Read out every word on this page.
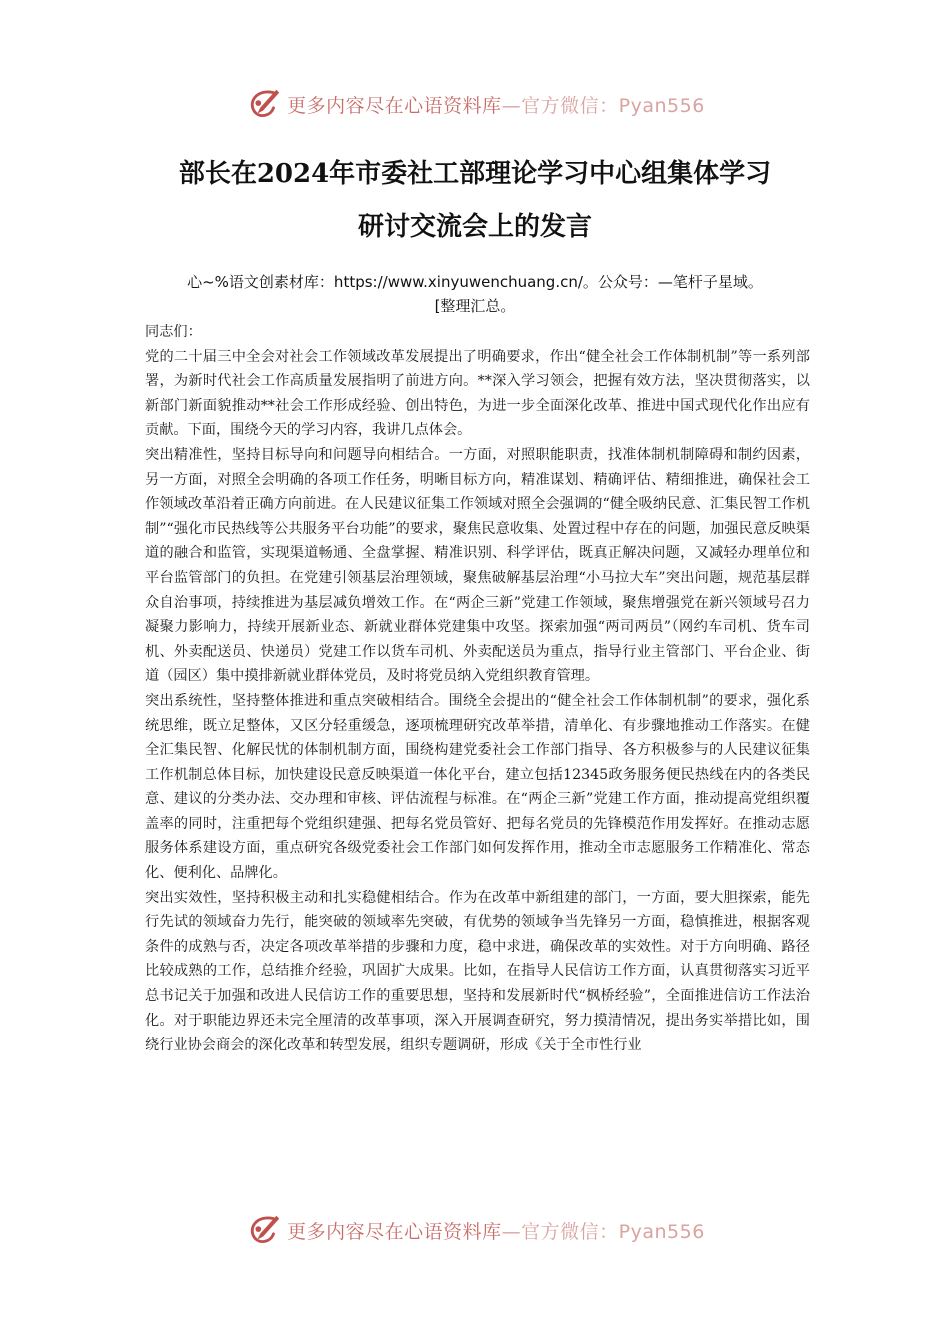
更多内容尽在心语资料库—官方微信：Pyan556
部长在2024年市委社工部理论学习中心组集体学习
研讨交流会上的发言
心~%语文创素材库：https://www.xinyuwenchuang.cn/。公众号：—笔杆子星域。
[整理汇总。

同志们：

党的二十届三中全会对社会工作领域改革发展提出了明确要求，作出“健全社会工作体制机制”等一系列部署，为新时代社会工作高质量发展指明了前进方向。**深入学习领会，把握有效方法，坚决贯彻落实，以新部门新面貌推动**社会工作形成经验、创出特色，为进一步全面深化改革、推进中国式现代化作出应有贡献。下面，围绕今天的学习内容，我讲几点体会。

突出精准性，坚持目标导向和问题导向相结合。一方面，对照职能职责，找准体制机制障碍和制约因素，另一方面，对照全会明确的各项工作任务，明晰目标方向，精准谋划、精确评估、精细推进，确保社会工作领域改革沿着正确方向前进。在人民建议征集工作领域对照全会强调的“健全吸纳民意、汇集民智工作机制”“强化市民热线等公共服务平台功能”的要求，聚焦民意收集、处置过程中存在的问题，加强民意反映渠道的融合和监管，实现渠道畅通、全盘掌握、精准识别、科学评估，既真正解决问题，又减轻办理单位和平台监管部门的负担。在党建引领基层治理领域，聚焦破解基层治理“小马拉大车”突出问题，规范基层群众自治事项，持续推进为基层减负增效工作。在“两企三新”党建工作领域，聚焦增强党在新兴领域号召力凝聚力影响力，持续开展新业态、新就业群体党建集中攻坚。探索加强“两司两员”（网约车司机、货车司机、外卖配送员、快递员）党建工作以货车司机、外卖配送员为重点，指导行业主管部门、平台企业、街道（园区）集中摸排新就业群体党员，及时将党员纳入党组织教育管理。

突出系统性，坚持整体推进和重点突破相结合。围绕全会提出的“健全社会工作体制机制”的要求，强化系统思维，既立足整体，又区分轻重缓急，逐项梳理研究改革举措，清单化、有步骤地推动工作落实。在健全汇集民智、化解民忧的体制机制方面，围绕构建党委社会工作部门指导、各方积极参与的人民建议征集工作机制总体目标，加快建设民意反映渠道一体化平台，建立包括12345政务服务便民热线在内的各类民意、建议的分类办法、交办理和审核、评估流程与标准。在“两企三新”党建工作方面，推动提高党组织覆盖率的同时，注重把每个党组织建强、把每名党员管好、把每名党员的先锋模范作用发挥好。在推动志愿服务体系建设方面，重点研究各级党委社会工作部门如何发挥作用，推动全市志愿服务工作精准化、常态化、便利化、品牌化。

突出实效性，坚持积极主动和扎实稳健相结合。作为在改革中新组建的部门，一方面，要大胆探索，能先行先试的领域奋力先行，能突破的领域率先突破，有优势的领域争当先锋另一方面，稳慎推进，根据客观条件的成熟与否，决定各项改革举措的步骤和力度，稳中求进，确保改革的实效性。对于方向明确、路径比较成熟的工作，总结推介经验，巩固扩大成果。比如，在指导人民信访工作方面，认真贯彻落实习近平总书记关于加强和改进人民信访工作的重要思想，坚持和发展新时代“枫桥经验”，全面推进信访工作法治化。对于职能边界还未完全厘清的改革事项，深入开展调查研究，努力摸清情况，提出务实举措比如，围绕行业协会商会的深化改革和转型发展，组织专题调研，形成《关于全市性行业

更多内容尽在心语资料库—官方微信：Pyan556
